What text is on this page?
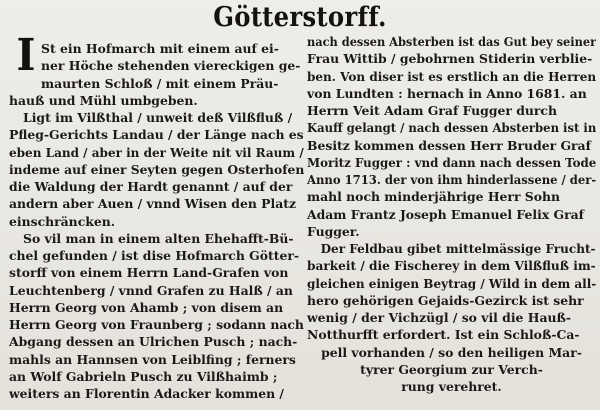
Götterstorff.
I St ein Hofmarch mit einem auf ei-
ner Höche stehenden viereckigen ge-
maurten Schloß / mit einem Präu-
hauß und Mühl umbgeben.
Ligt im Vilßthal / unweit deß Vilßfluß /
Pfleg-Gerichts Landau / der Länge nach es
eben Land / aber in der Weite nit vil Raum /
indeme auf einer Seyten gegen Osterhofen
die Waldung der Hardt genannt / auf der
andern aber Auen / vnnd Wisen den Platz
einschräncken.
So vil man in einem alten Ehehafft-Bü-
chel gefunden / ist dise Hofmarch Götter-
storff von einem Herrn Land-Grafen von
Leuchtenberg / vnnd Grafen zu Halß / an
Herrn Georg von Ahamb ; von disem an
Herrn Georg von Fraunberg ; sodann nach
Abgang dessen an Ulrichen Pusch ; nach-
mahls an Hannsen von Leiblfing ; ferners
an Wolf Gabrieln Pusch zu Vilßhaimb ;
weiters an Florentin Adacker kommen /
nach dessen Absterben ist das Gut bey seiner
Frau Wittib / gebohrnen Stiderin verblie-
ben. Von diser ist es erstlich an die Herren
von Lundten : hernach in Anno 1681. an
Herrn Veit Adam Graf Fugger durch
Kauff gelangt / nach dessen Absterben ist in
Besitz kommen dessen Herr Bruder Graf
Moritz Fugger : vnd dann nach dessen Tode
Anno 1713. der von ihm hinderlassene / der-
mahl noch minderjährige Herr Sohn
Adam Frantz Joseph Emanuel Felix Graf
Fugger.
Der Feldbau gibet mittelmässige Frucht-
barkeit / die Fischerey in dem Vilßfluß im-
gleichen einigen Beytrag / Wild in dem all-
hero gehörigen Gejaids-Gezirck ist sehr
wenig / der Vichzügl / so vil die Hauß-
Notthurfft erfordert. Ist ein Schloß-Ca-
pell vorhanden / so den heiligen Mar-
tyrer Georgium zur Verch-
rung verehret.
